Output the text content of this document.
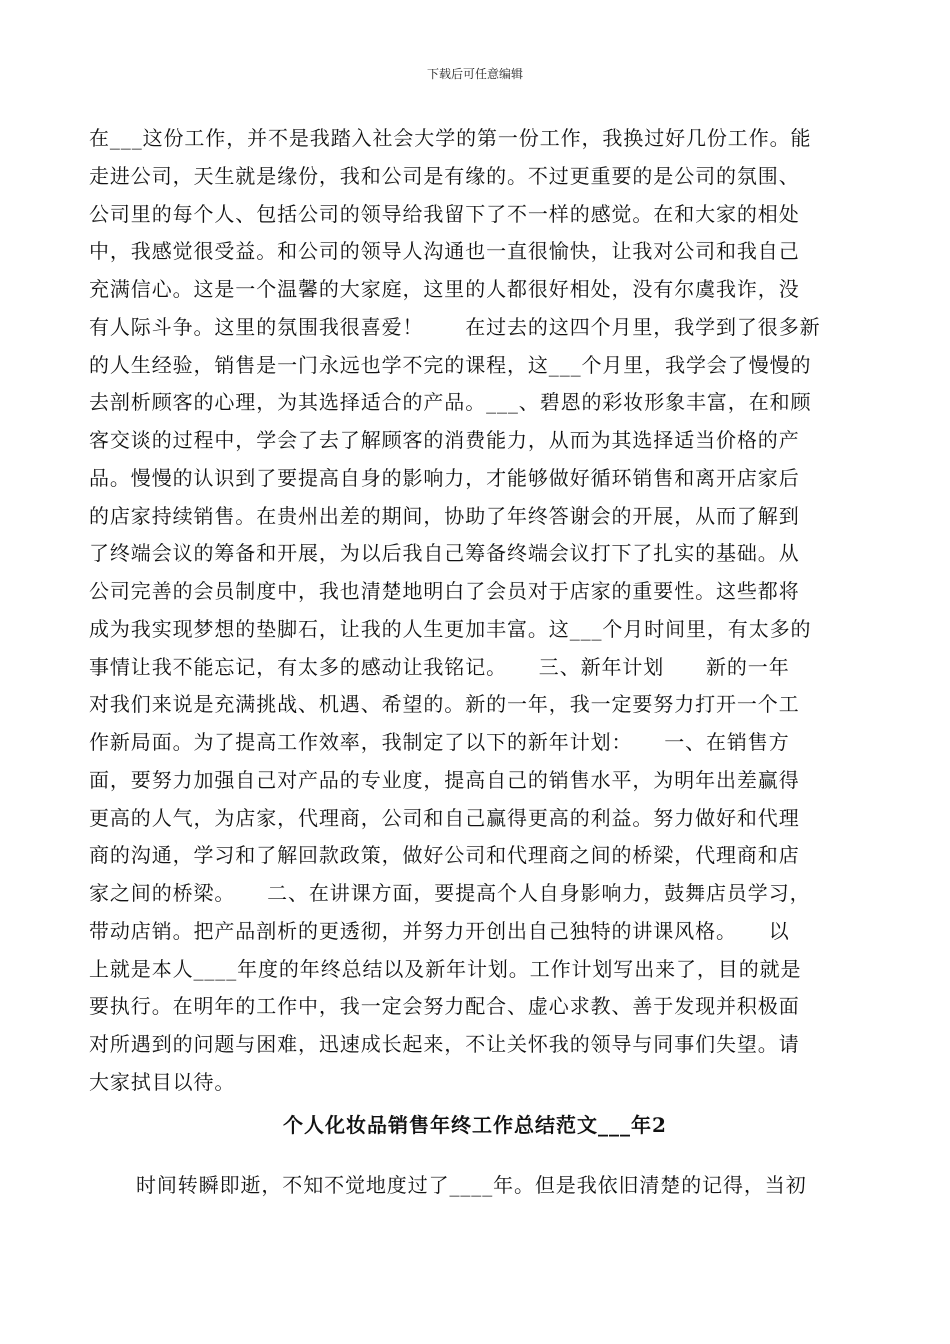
下载后可任意编辑
在___这份工作，并不是我踏入社会大学的第一份工作，我换过好几份工作。能
走进公司，天生就是缘份，我和公司是有缘的。不过更重要的是公司的氛围、
公司里的每个人、包括公司的领导给我留下了不一样的感觉。在和大家的相处
中，我感觉很受益。和公司的领导人沟通也一直很愉快，让我对公司和我自己
充满信心。这是一个温馨的大家庭，这里的人都很好相处，没有尔虞我诈，没
有人际斗争。这里的氛围我很喜爱！　　在过去的这四个月里，我学到了很多新
的人生经验，销售是一门永远也学不完的课程，这___个月里，我学会了慢慢的
去剖析顾客的心理，为其选择适合的产品。___、碧恩的彩妆形象丰富，在和顾
客交谈的过程中，学会了去了解顾客的消费能力，从而为其选择适当价格的产
品。慢慢的认识到了要提高自身的影响力，才能够做好循环销售和离开店家后
的店家持续销售。在贵州出差的期间，协助了年终答谢会的开展，从而了解到
了终端会议的筹备和开展，为以后我自己筹备终端会议打下了扎实的基础。从
公司完善的会员制度中，我也清楚地明白了会员对于店家的重要性。这些都将
成为我实现梦想的垫脚石，让我的人生更加丰富。这___个月时间里，有太多的
事情让我不能忘记，有太多的感动让我铭记。　　三、新年计划　　新的一年
对我们来说是充满挑战、机遇、希望的。新的一年，我一定要努力打开一个工
作新局面。为了提高工作效率，我制定了以下的新年计划：　　一、在销售方
面，要努力加强自己对产品的专业度，提高自己的销售水平，为明年出差赢得
更高的人气，为店家，代理商，公司和自己赢得更高的利益。努力做好和代理
商的沟通，学习和了解回款政策，做好公司和代理商之间的桥梁，代理商和店
家之间的桥梁。　　二、在讲课方面，要提高个人自身影响力，鼓舞店员学习，
带动店销。把产品剖析的更透彻，并努力开创出自己独特的讲课风格。　　以
上就是本人____年度的年终总结以及新年计划。工作计划写出来了，目的就是
要执行。在明年的工作中，我一定会努力配合、虚心求教、善于发现并积极面
对所遇到的问题与困难，迅速成长起来，不让关怀我的领导与同事们失望。请
大家拭目以待。
个人化妆品销售年终工作总结范文___年2
时间转瞬即逝，不知不觉地度过了____年。但是我依旧清楚的记得，当初
